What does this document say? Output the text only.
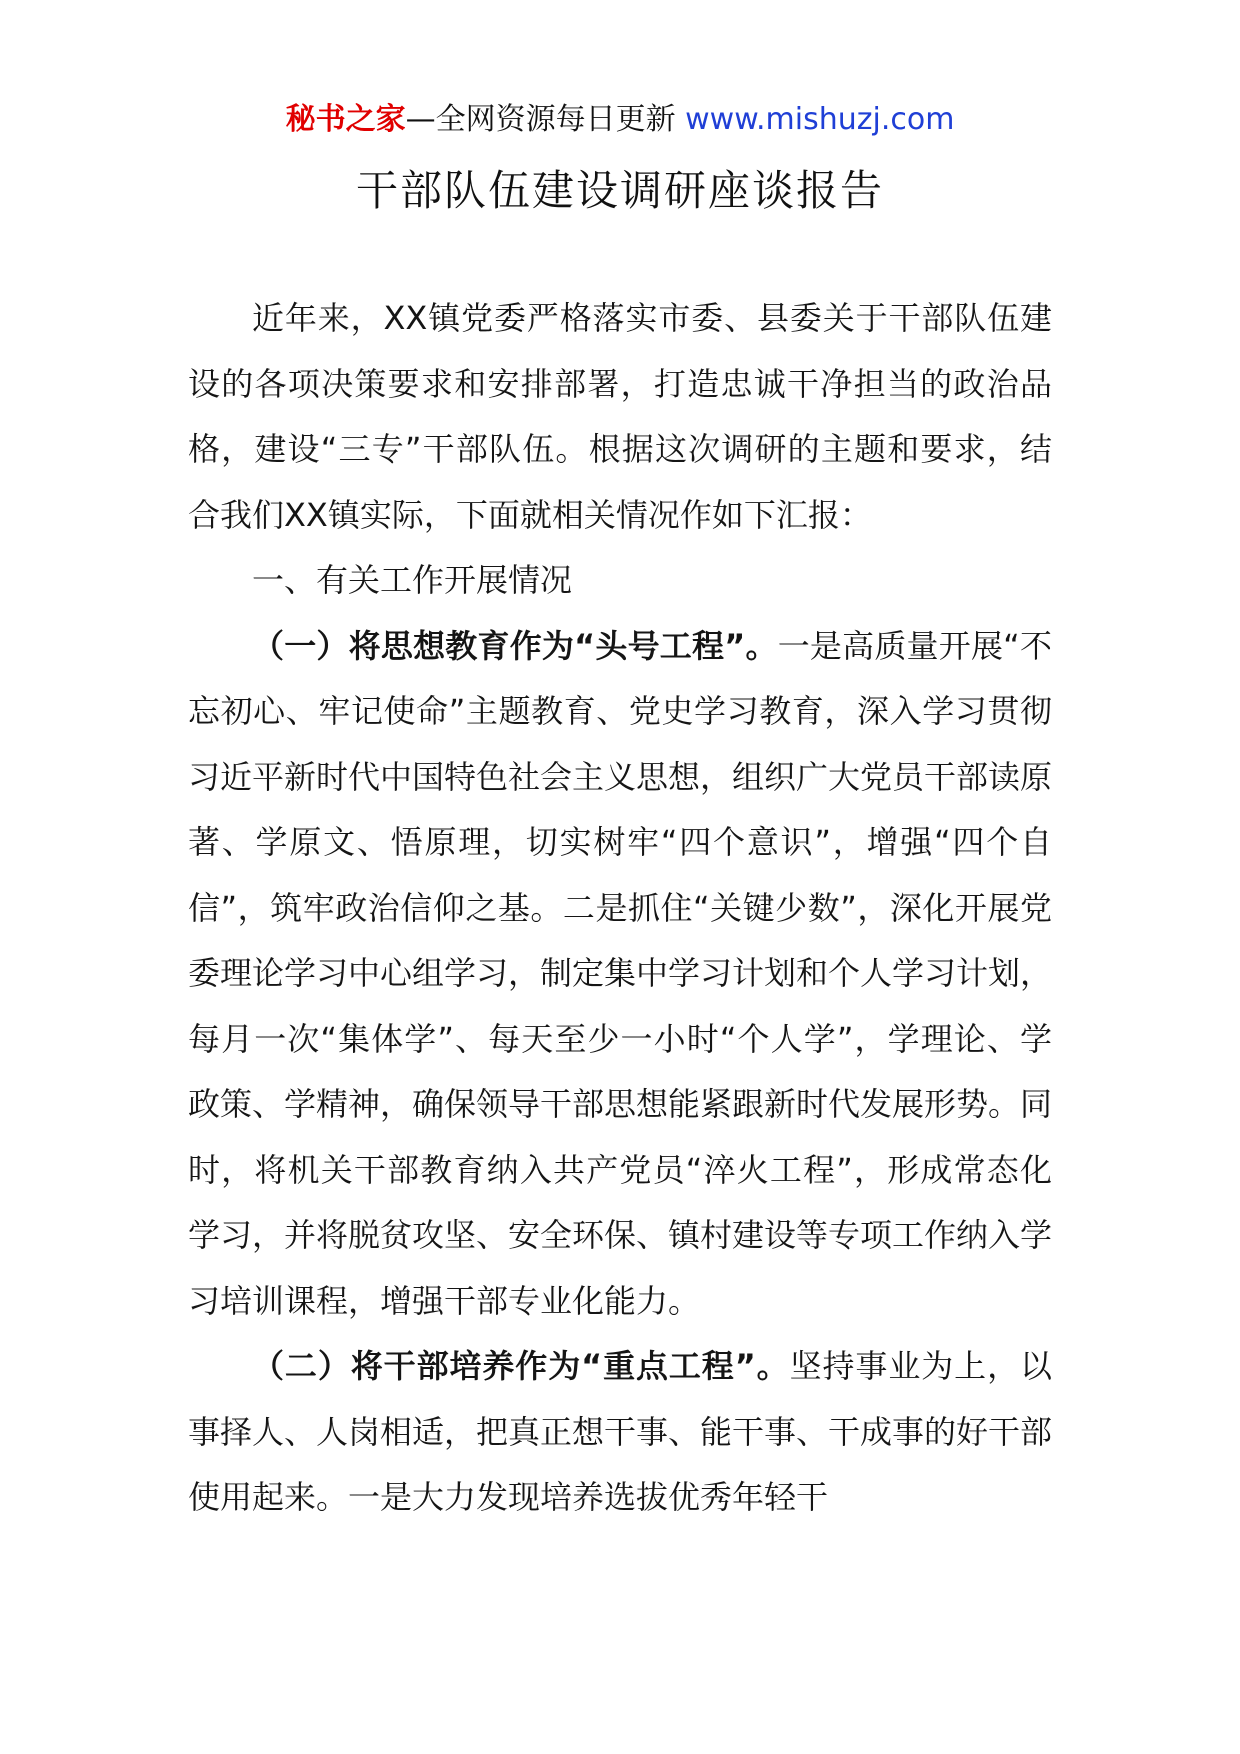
秘书之家—全网资源每日更新 www.mishuzj.com
干部队伍建设调研座谈报告

近年来，XX镇党委严格落实市委、县委关于干部队伍建设的各项决策要求和安排部署，打造忠诚干净担当的政治品格，建设“三专”干部队伍。根据这次调研的主题和要求，结合我们XX镇实际，下面就相关情况作如下汇报：

一、有关工作开展情况

（一）将思想教育作为“头号工程”。一是高质量开展“不忘初心、牢记使命”主题教育、党史学习教育，深入学习贯彻习近平新时代中国特色社会主义思想，组织广大党员干部读原著、学原文、悟原理，切实树牢“四个意识”，增强“四个自信”，筑牢政治信仰之基。二是抓住“关键少数”，深化开展党委理论学习中心组学习，制定集中学习计划和个人学习计划，每月一次“集体学”、每天至少一小时“个人学”，学理论、学政策、学精神，确保领导干部思想能紧跟新时代发展形势。同时，将机关干部教育纳入共产党员“淬火工程”，形成常态化学习，并将脱贫攻坚、安全环保、镇村建设等专项工作纳入学习培训课程，增强干部专业化能力。

（二）将干部培养作为“重点工程”。坚持事业为上，以事择人、人岗相适，把真正想干事、能干事、干成事的好干部使用起来。一是大力发现培养选拔优秀年轻干
